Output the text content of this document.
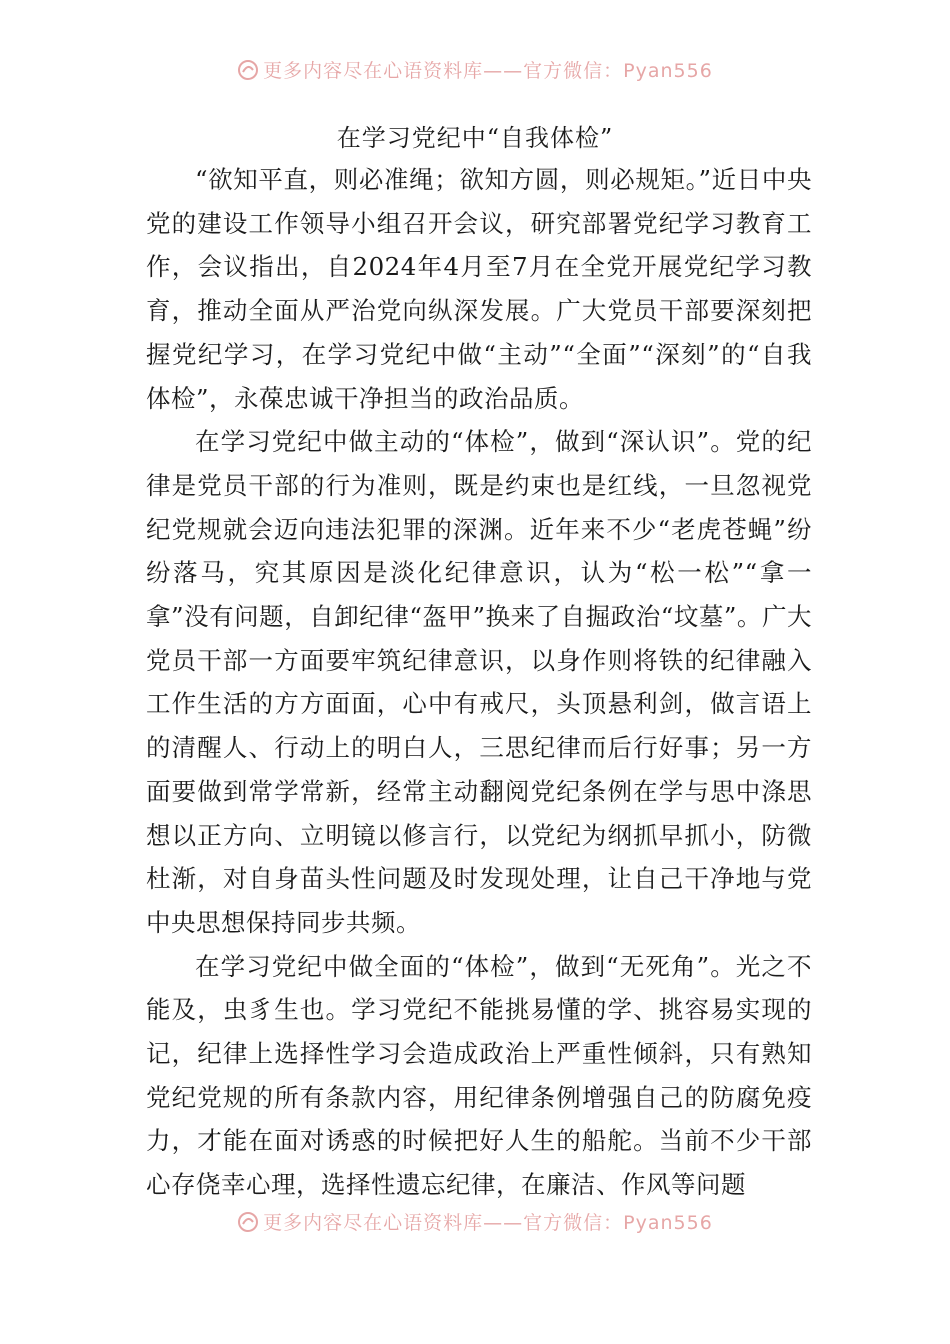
更多内容尽在心语资料库——官方微信：Pyan556
在学习党纪中“自我体检”

“欲知平直，则必准绳；欲知方圆，则必规矩。”近日中央党的建设工作领导小组召开会议，研究部署党纪学习教育工作，会议指出，自2024年4月至7月在全党开展党纪学习教育，推动全面从严治党向纵深发展。广大党员干部要深刻把握党纪学习，在学习党纪中做“主动”“全面”“深刻”的“自我体检”，永葆忠诚干净担当的政治品质。

在学习党纪中做主动的“体检”，做到“深认识”。党的纪律是党员干部的行为准则，既是约束也是红线，一旦忽视党纪党规就会迈向违法犯罪的深渊。近年来不少“老虎苍蝇”纷纷落马，究其原因是淡化纪律意识，认为“松一松”“拿一拿”没有问题，自卸纪律“盔甲”换来了自掘政治“坟墓”。广大党员干部一方面要牢筑纪律意识，以身作则将铁的纪律融入工作生活的方方面面，心中有戒尺，头顶悬利剑，做言语上的清醒人、行动上的明白人，三思纪律而后行好事；另一方面要做到常学常新，经常主动翻阅党纪条例在学与思中涤思想以正方向、立明镜以修言行，以党纪为纲抓早抓小，防微杜渐，对自身苗头性问题及时发现处理，让自己干净地与党中央思想保持同步共频。

在学习党纪中做全面的“体检”，做到“无死角”。光之不能及，虫豸生也。学习党纪不能挑易懂的学、挑容易实现的记，纪律上选择性学习会造成政治上严重性倾斜，只有熟知党纪党规的所有条款内容，用纪律条例增强自己的防腐免疫力，才能在面对诱惑的时候把好人生的船舵。当前不少干部心存侥幸心理，选择性遗忘纪律，在廉洁、作风等问题

更多内容尽在心语资料库——官方微信：Pyan556
